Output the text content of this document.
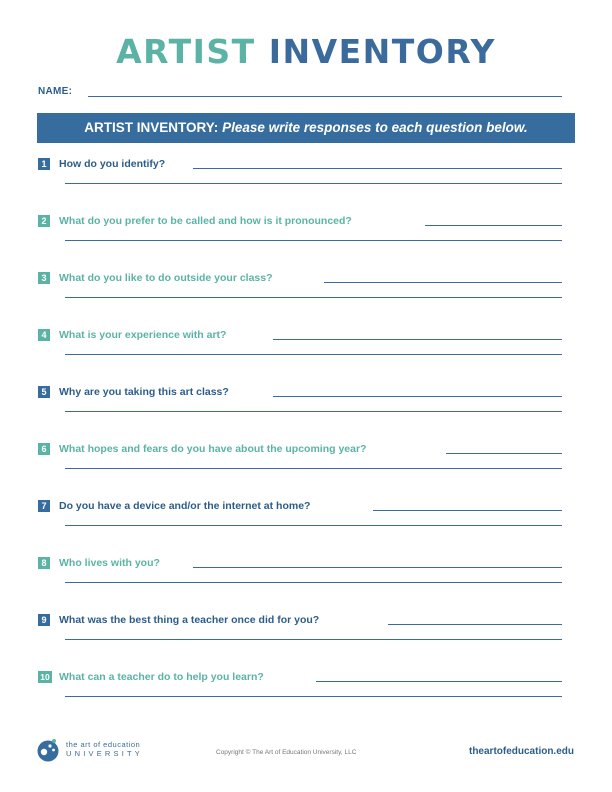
ARTIST INVENTORY
NAME:
ARTIST INVENTORY: Please write responses to each question below.
1	How do you identify?
2	What do you prefer to be called and how is it pronounced?
3	What do you like to do outside your class?
4	What is your experience with art?
5	Why are you taking this art class?
6	What hopes and fears do you have about the upcoming year?
7	Do you have a device and/or the internet at home?
8	Who lives with you?
9	What was the best thing a teacher once did for you?
10 What can a teacher do to help you learn?
the art of education
UNIVERSITY	Copyright © The Art of Education University, LLC	theartofeducation.edu
